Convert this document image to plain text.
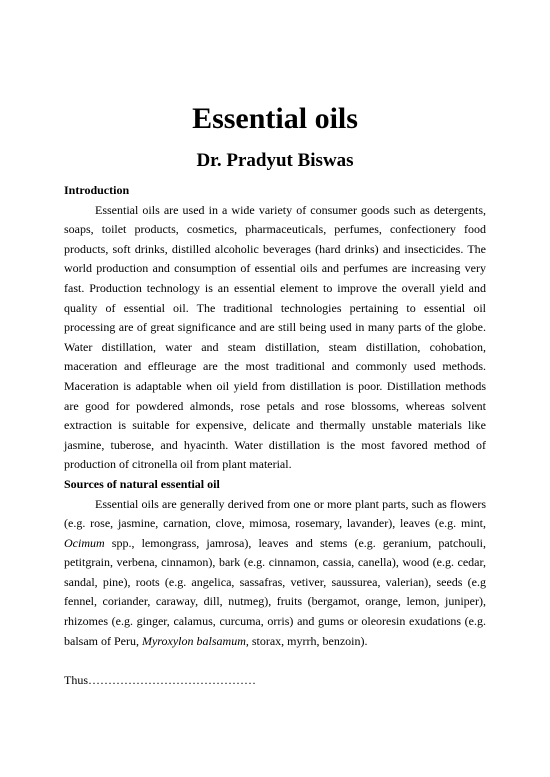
Essential oils
Dr. Pradyut Biswas

Introduction

Essential oils are used in a wide variety of consumer goods such as detergents, soaps, toilet products, cosmetics, pharmaceuticals, perfumes, confectionery food products, soft drinks, distilled alcoholic beverages (hard drinks) and insecticides. The world production and consumption of essential oils and perfumes are increasing very fast. Production technology is an essential element to improve the overall yield and quality of essential oil. The traditional technologies pertaining to essential oil processing are of great significance and are still being used in many parts of the globe. Water distillation, water and steam distillation, steam distillation, cohobation, maceration and effleurage are the most traditional and commonly used methods. Maceration is adaptable when oil yield from distillation is poor. Distillation methods are good for powdered almonds, rose petals and rose blossoms, whereas solvent extraction is suitable for expensive, delicate and thermally unstable materials like jasmine, tuberose, and hyacinth. Water distillation is the most favored method of production of citronella oil from plant material.

Sources of natural essential oil

Essential oils are generally derived from one or more plant parts, such as flowers (e.g. rose, jasmine, carnation, clove, mimosa, rosemary, lavander), leaves (e.g. mint, Ocimum spp., lemongrass, jamrosa), leaves and stems (e.g. geranium, patchouli, petitgrain, verbena, cinnamon), bark (e.g. cinnamon, cassia, canella), wood (e.g. cedar, sandal, pine), roots (e.g. angelica, sassafras, vetiver, saussurea, valerian), seeds (e.g fennel, coriander, caraway, dill, nutmeg), fruits (bergamot, orange, lemon, juniper), rhizomes (e.g. ginger, calamus, curcuma, orris) and gums or oleoresin exudations (e.g. balsam of Peru, Myroxylon balsamum, storax, myrrh, benzoin).

Thus……………………………………
